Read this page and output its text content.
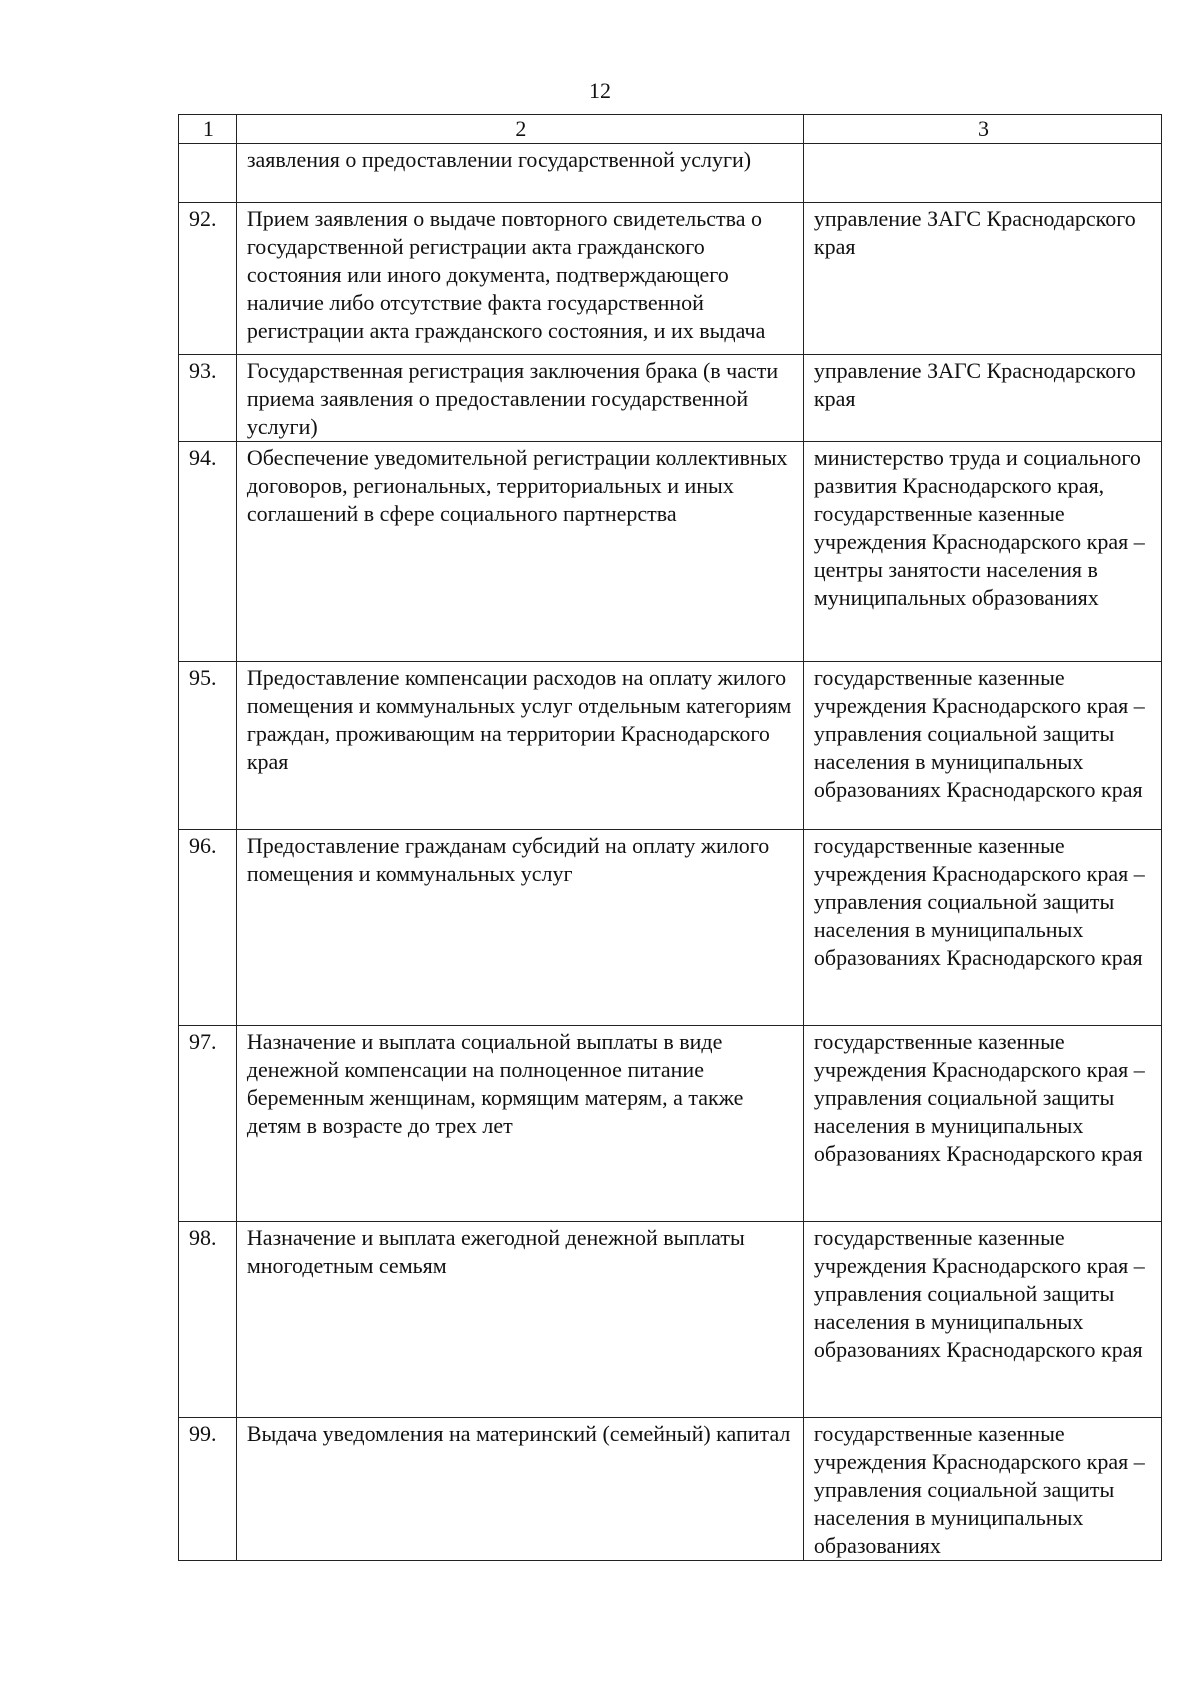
12
1	2	3
	заявления о предоставлении государственной услуги)	
92.	Прием заявления о выдаче повторного свидетельства о государственной регистрации акта гражданского состояния или иного документа, подтверждающего наличие либо отсутствие факта государственной регистрации акта гражданского состояния, и их выдача	управление ЗАГС Краснодарского края
93.	Государственная регистрация заключения брака (в части приема заявления о предоставлении государственной услуги)	управление ЗАГС Краснодарского края
94.	Обеспечение уведомительной регистрации коллективных договоров, региональных, территориальных и иных соглашений в сфере социального партнерства	министерство труда и социального развития Краснодарского края, государственные казенные учреждения Краснодарского края – центры занятости населения в муниципальных образованиях
95.	Предоставление компенсации расходов на оплату жилого помещения и коммунальных услуг отдельным категориям граждан, проживающим на территории Краснодарского края	государственные казенные учреждения Краснодарского края – управления социальной защиты населения в муниципальных образованиях Краснодарского края
96.	Предоставление гражданам субсидий на оплату жилого помещения и коммунальных услуг	государственные казенные учреждения Краснодарского края – управления социальной защиты населения в муниципальных образованиях Краснодарского края
97.	Назначение и выплата социальной выплаты в виде денежной компенсации на полноценное питание беременным женщинам, кормящим матерям, а также детям в возрасте до трех лет	государственные казенные учреждения Краснодарского края – управления социальной защиты населения в муниципальных образованиях Краснодарского края
98.	Назначение и выплата ежегодной денежной выплаты многодетным семьям	государственные казенные учреждения Краснодарского края – управления социальной защиты населения в муниципальных образованиях Краснодарского края
99.	Выдача уведомления на материнский (семейный) капитал	государственные казенные учреждения Краснодарского края – управления социальной защиты населения в муниципальных образованиях
